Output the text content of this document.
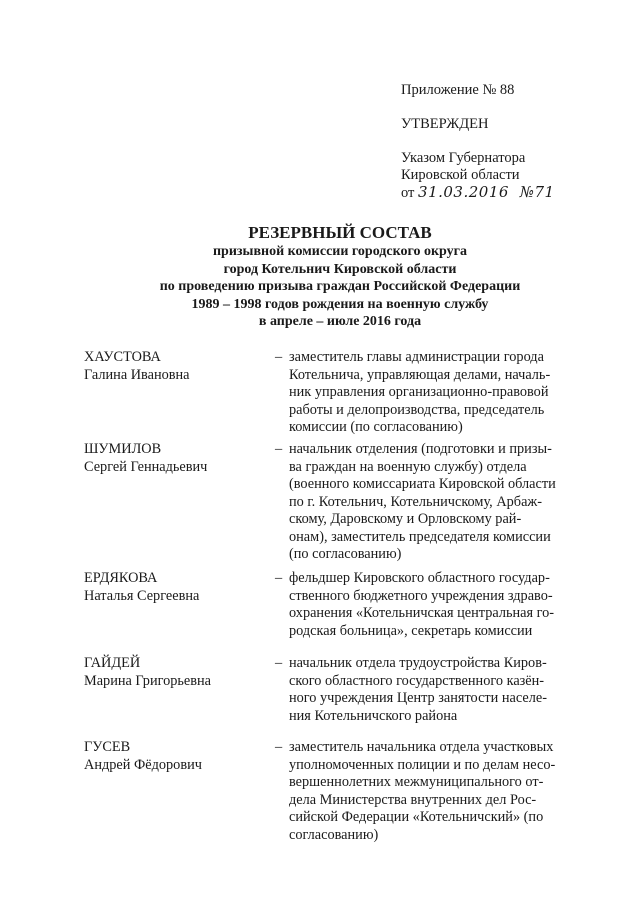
Приложение № 88
УТВЕРЖДЕН
Указом Губернатора
Кировской области
от 31.03.2016 №71
РЕЗЕРВНЫЙ СОСТАВ
призывной комиссии городского округа
город Котельнич Кировской области
по проведению призыва граждан Российской Федерации
1989 – 1998 годов рождения на военную службу
в апреле – июле 2016 года
ХАУСТОВА
Галина Ивановна
– заместитель главы администрации города
Котельнича, управляющая делами, началь-
ник управления организационно-правовой
работы и делопроизводства, председатель
комиссии (по согласованию)
ШУМИЛОВ
Сергей Геннадьевич
– начальник отделения (подготовки и призы-
ва граждан на военную службу) отдела
(военного комиссариата Кировской области
по г. Котельнич, Котельничскому, Арбаж-
скому, Даровскому и Орловскому рай-
онам), заместитель председателя комиссии
(по согласованию)
ЕРДЯКОВА
Наталья Сергеевна
– фельдшер Кировского областного государ-
ственного бюджетного учреждения здраво-
охранения «Котельничская центральная го-
родская больница», секретарь комиссии
ГАЙДЕЙ
Марина Григорьевна
– начальник отдела трудоустройства Киров-
ского областного государственного казён-
ного учреждения Центр занятости населе-
ния Котельничского района
ГУСЕВ
Андрей Фёдорович
– заместитель начальника отдела участковых
уполномоченных полиции и по делам несо-
вершеннолетних межмуниципального от-
дела Министерства внутренних дел Рос-
сийской Федерации «Котельничский» (по
согласованию)
